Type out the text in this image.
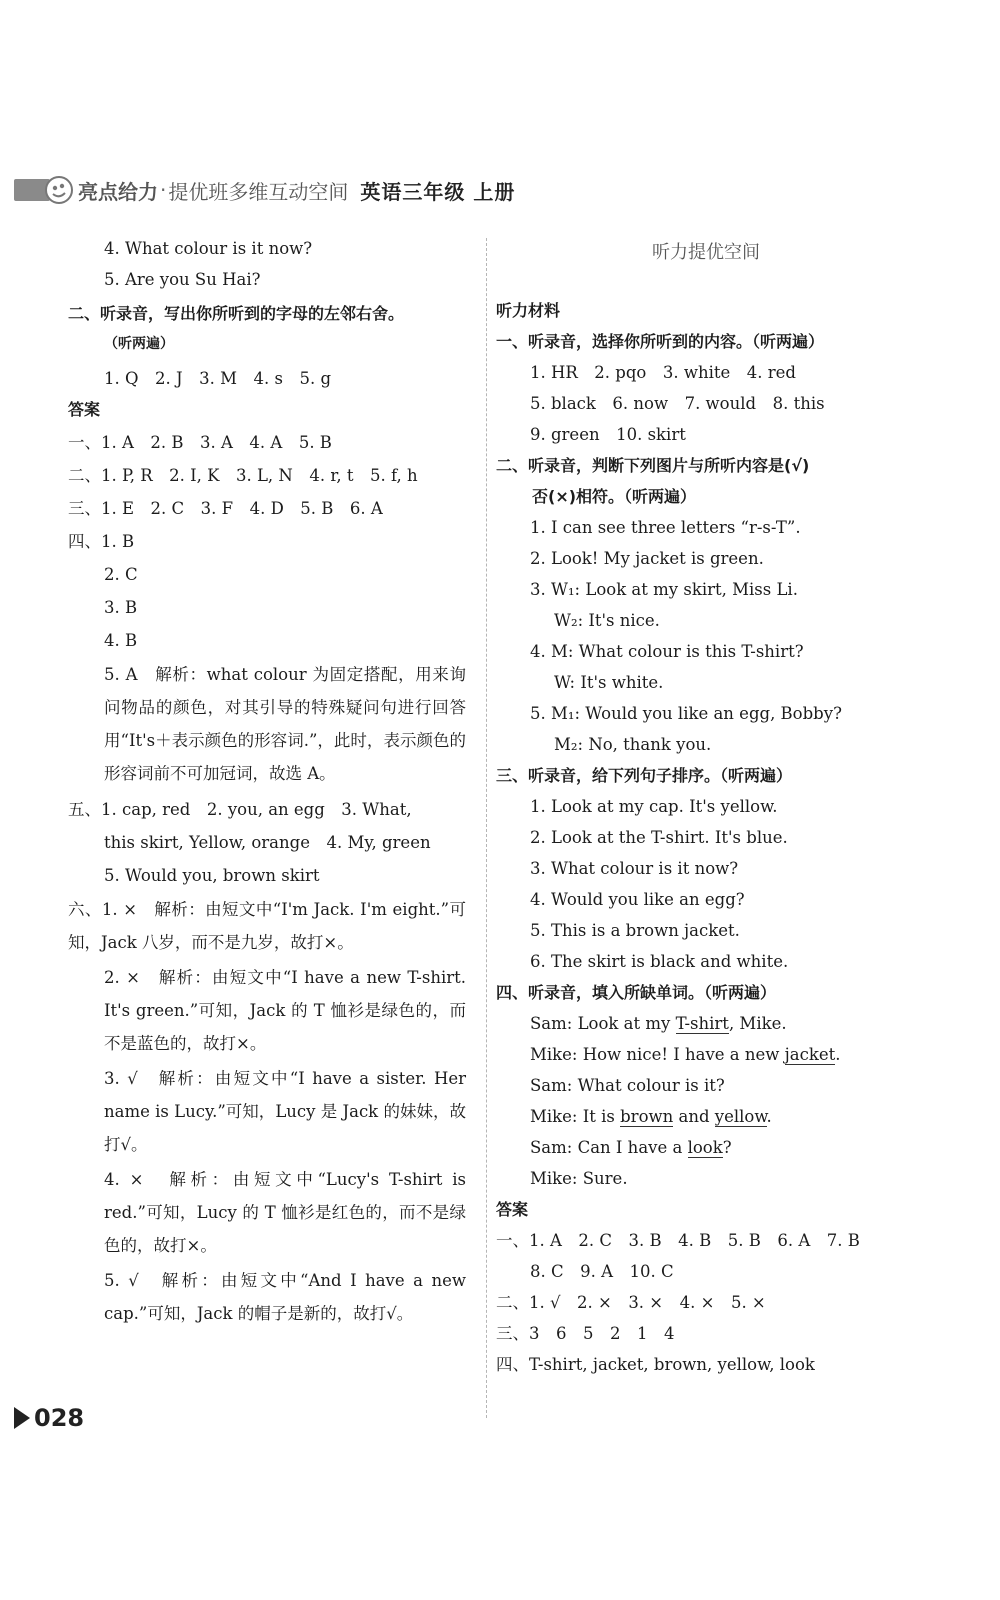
亮点给力 · 提优班多维互动空间 英语三年级 上册
4. What colour is it now?
5. Are you Su Hai?
二、听录音，写出你所听到的字母的左邻右舍。
（听两遍）
1. Q　2. J　3. M　4. s　5. g
答案
一、1. A　2. B　3. A　4. A　5. B
二、1. P, R　2. I, K　3. L, N　4. r, t　5. f, h
三、1. E　2. C　3. F　4. D　5. B　6. A
四、1. B
2. C
3. B
4. B
5. A　解析：what colour 为固定搭配，用来询问物品的颜色，对其引导的特殊疑问句进行回答用“It's＋表示颜色的形容词.”，此时，表示颜色的形容词前不可加冠词，故选 A。
五、1. cap, red　2. you, an egg　3. What,
this skirt, Yellow, orange　4. My, green
5. Would you, brown skirt
六、1. ×　解析：由短文中“I'm Jack. I'm eight.”可知，Jack 八岁，而不是九岁，故打×。
2. ×　解析：由短文中“I have a new T-shirt. It's green.”可知，Jack 的 T 恤衫是绿色的，而不是蓝色的，故打×。
3. √　解析：由短文中“I have a sister. Her name is Lucy.”可知，Lucy 是 Jack 的妹妹，故打√。
4. ×　解析：由短文中“Lucy's T-shirt is red.”可知，Lucy 的 T 恤衫是红色的，而不是绿色的，故打×。
5. √　解析：由短文中“And I have a new cap.”可知，Jack 的帽子是新的，故打√。
听力提优空间
听力材料
一、听录音，选择你所听到的内容。（听两遍）
1. HR　2. pqo　3. white　4. red
5. black　6. now　7. would　8. this
9. green　10. skirt
二、听录音，判断下列图片与所听内容是(√)
否(×)相符。（听两遍）
1. I can see three letters “r-s-T”.
2. Look! My jacket is green.
3. W₁: Look at my skirt, Miss Li.
W₂: It's nice.
4. M: What colour is this T-shirt?
W: It's white.
5. M₁: Would you like an egg, Bobby?
M₂: No, thank you.
三、听录音，给下列句子排序。（听两遍）
1. Look at my cap. It's yellow.
2. Look at the T-shirt. It's blue.
3. What colour is it now?
4. Would you like an egg?
5. This is a brown jacket.
6. The skirt is black and white.
四、听录音，填入所缺单词。（听两遍）
Sam: Look at my T-shirt, Mike.
Mike: How nice! I have a new jacket.
Sam: What colour is it?
Mike: It is brown and yellow.
Sam: Can I have a look?
Mike: Sure.
答案
一、1. A　2. C　3. B　4. B　5. B　6. A　7. B
8. C　9. A　10. C
二、1. √　2. ×　3. ×　4. ×　5. ×
三、3　6　5　2　1　4
四、T-shirt, jacket, brown, yellow, look
028
